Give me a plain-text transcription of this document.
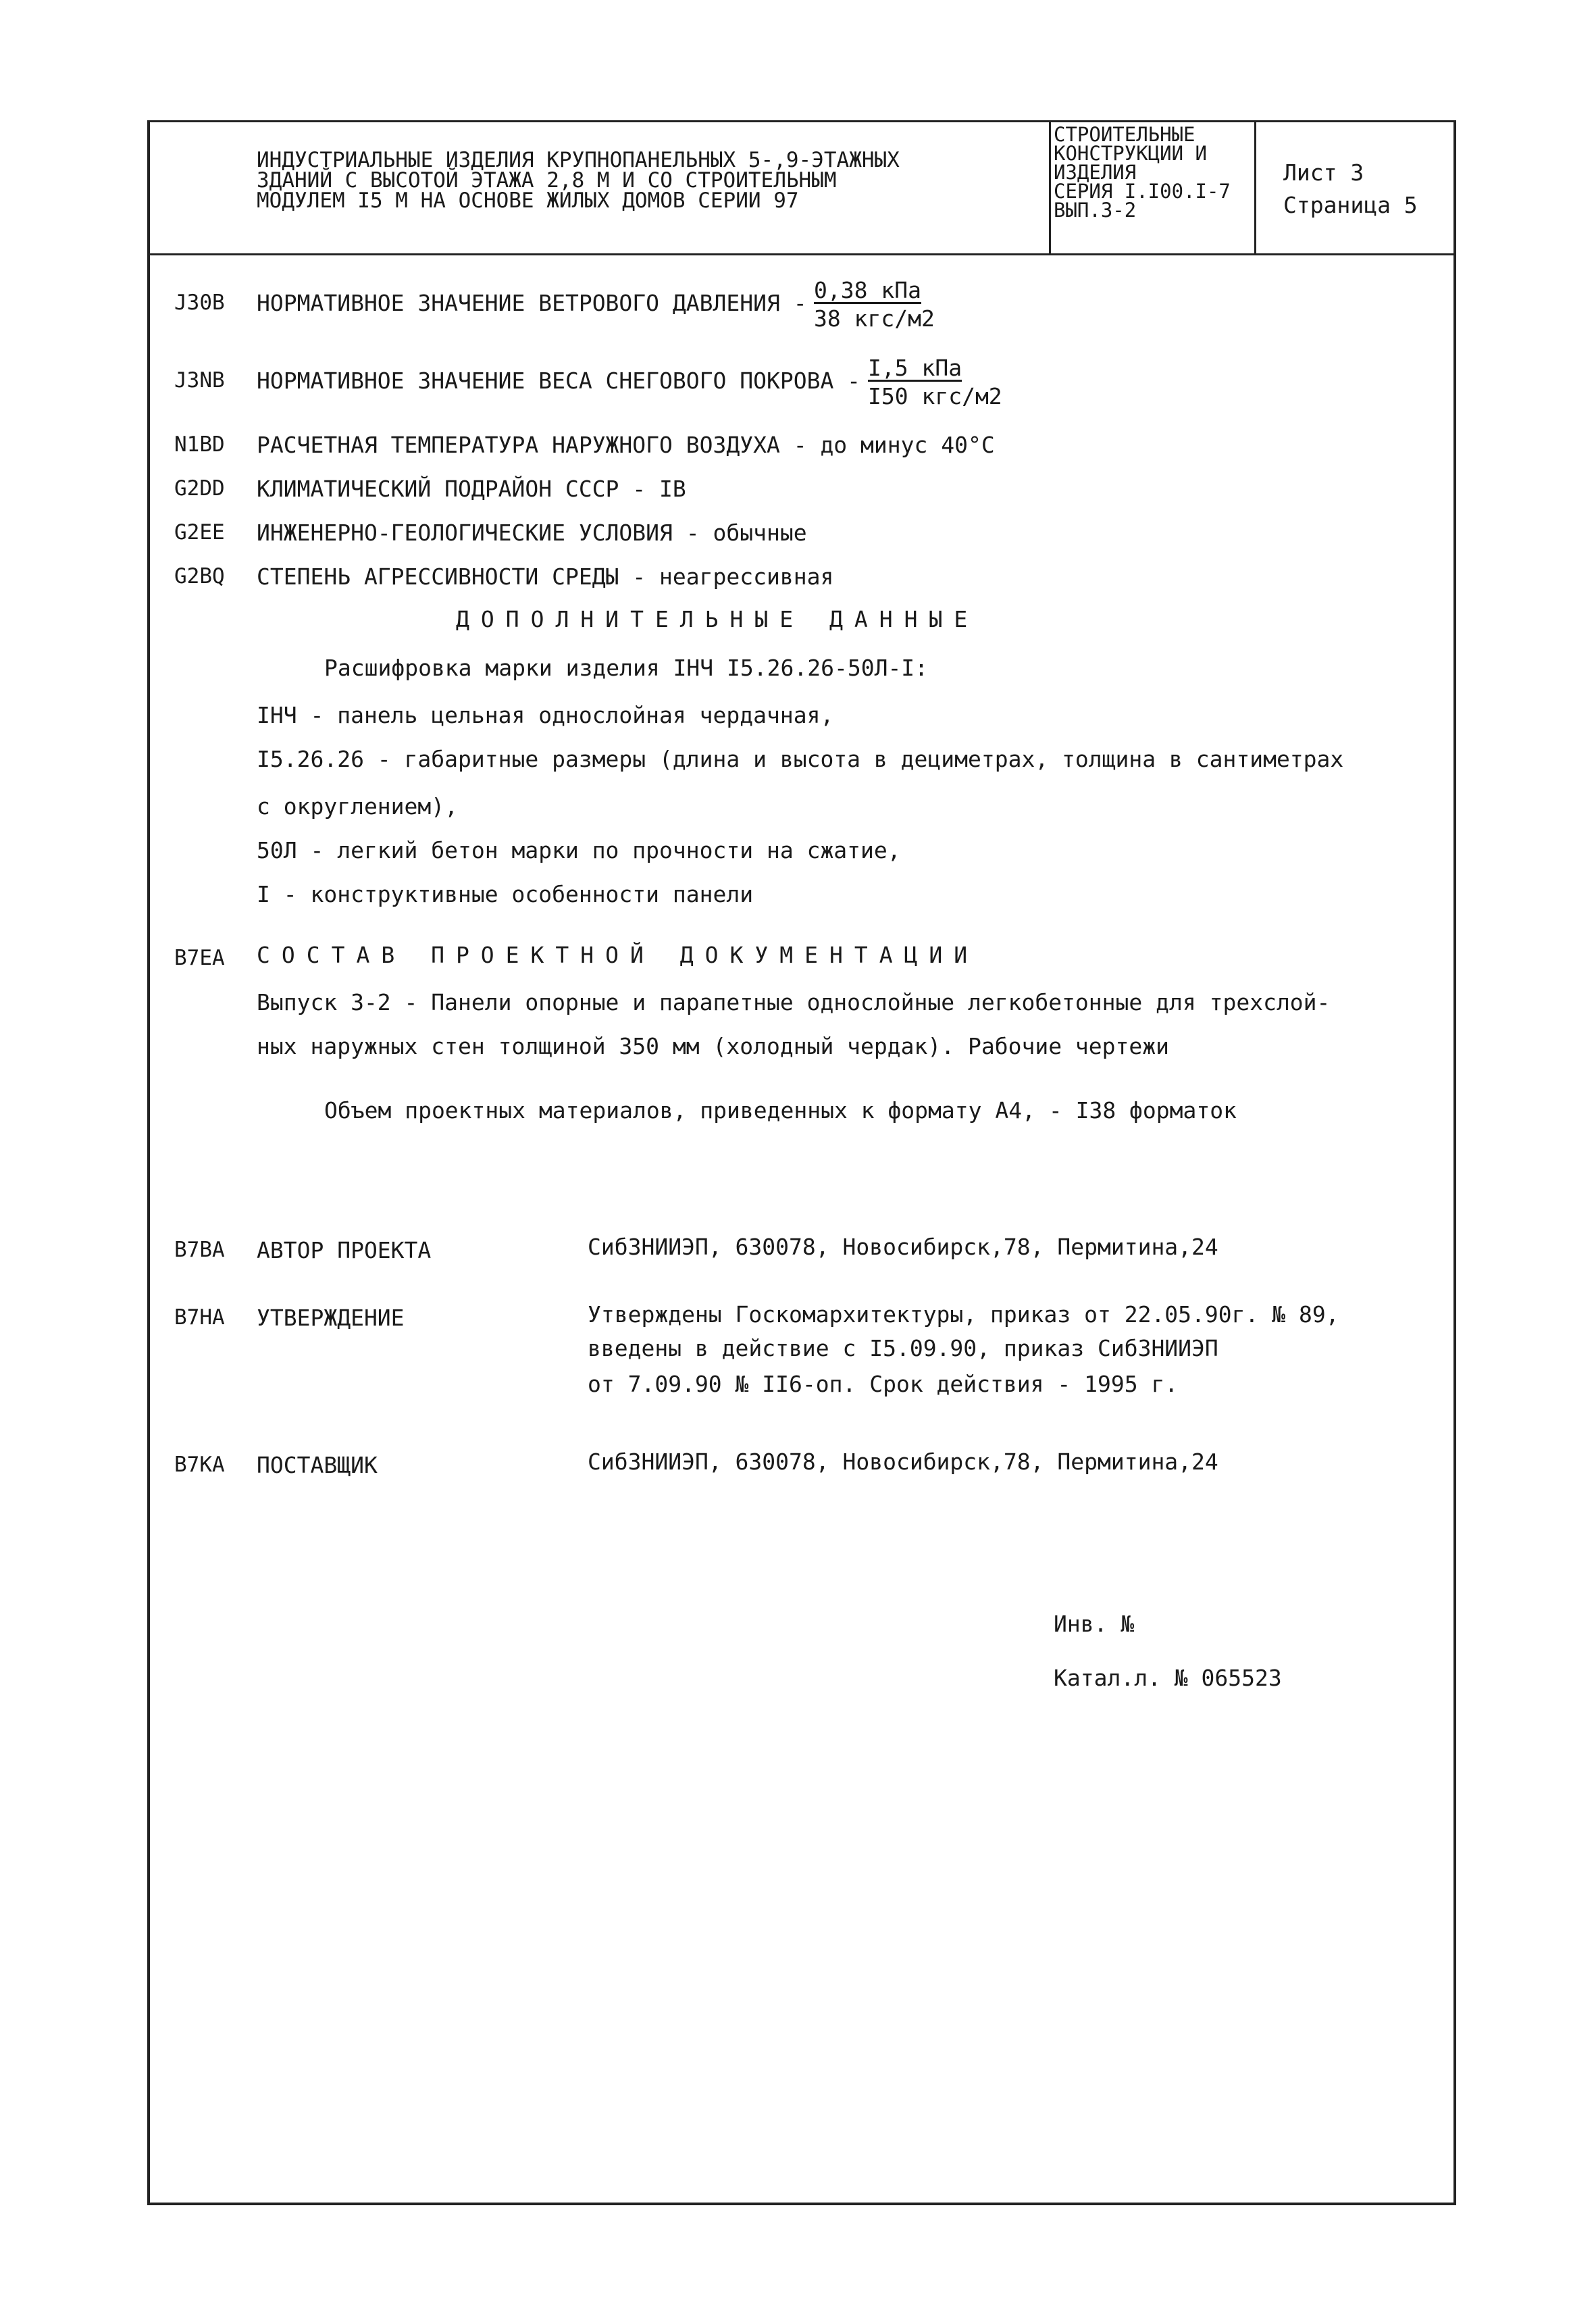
ИНДУСТРИАЛЬНЫЕ ИЗДЕЛИЯ КРУПНОПАНЕЛЬНЫХ 5-,9-ЭТАЖНЫХ
ЗДАНИЙ С ВЫСОТОЙ ЭТАЖА 2,8 М И СО СТРОИТЕЛЬНЫМ
МОДУЛЕМ I5 М НА ОСНОВЕ ЖИЛЫХ ДОМОВ СЕРИИ 97
СТРОИТЕЛЬНЫЕ
КОНСТРУКЦИИ И
ИЗДЕЛИЯ
СЕРИЯ I.I00.I-7
ВЫП.3-2
Лист 3
Страница 5
J30B НОРМАТИВНОЕ ЗНАЧЕНИЕ ВЕТРОВОГО ДАВЛЕНИЯ - 0,38 кПа
38 кгс/м2
J3NB НОРМАТИВНОЕ ЗНАЧЕНИЕ ВЕСА СНЕГОВОГО ПОКРОВА - I,5 кПа
I50 кгс/м2
N1BD РАСЧЕТНАЯ ТЕМПЕРАТУРА НАРУЖНОГО ВОЗДУХА - до минус 40°С
G2DD КЛИМАТИЧЕСКИЙ ПОДРАЙОН СССР - IВ
G2EE ИНЖЕНЕРНО-ГЕОЛОГИЧЕСКИЕ УСЛОВИЯ - обычные
G2BQ СТЕПЕНЬ АГРЕССИВНОСТИ СРЕДЫ - неагрессивная
ДОПОЛНИТЕЛЬНЫЕ ДАННЫЕ
Расшифровка марки изделия IНЧ I5.26.26-50Л-I:
IНЧ - панель цельная однослойная чердачная,
I5.26.26 - габаритные размеры (длина и высота в дециметрах, толщина в сантиметрах
с округлением),
50Л - легкий бетон марки по прочности на сжатие,
I - конструктивные особенности панели
B7EA СОСТАВ ПРОЕКТНОЙ ДОКУМЕНТАЦИИ
Выпуск 3-2 - Панели опорные и парапетные однослойные легкобетонные для трехслой-
ных наружных стен толщиной 350 мм (холодный чердак). Рабочие чертежи
Объем проектных материалов, приведенных к формату А4, - I38 форматок
B7BA АВТОР ПРОЕКТА	СибЗНИИЭП, 630078, Новосибирск,78, Пермитина,24
B7HA УТВЕРЖДЕНИЕ	Утверждены Госкомархитектуры, приказ от 22.05.90г. № 89,
введены в действие с I5.09.90, приказ СибЗНИИЭП
от 7.09.90 № II6-оп. Срок действия - 1995 г.
B7KA ПОСТАВЩИК	СибЗНИИЭП, 630078, Новосибирск,78, Пермитина,24
Инв. №
Катал.л. № 065523
